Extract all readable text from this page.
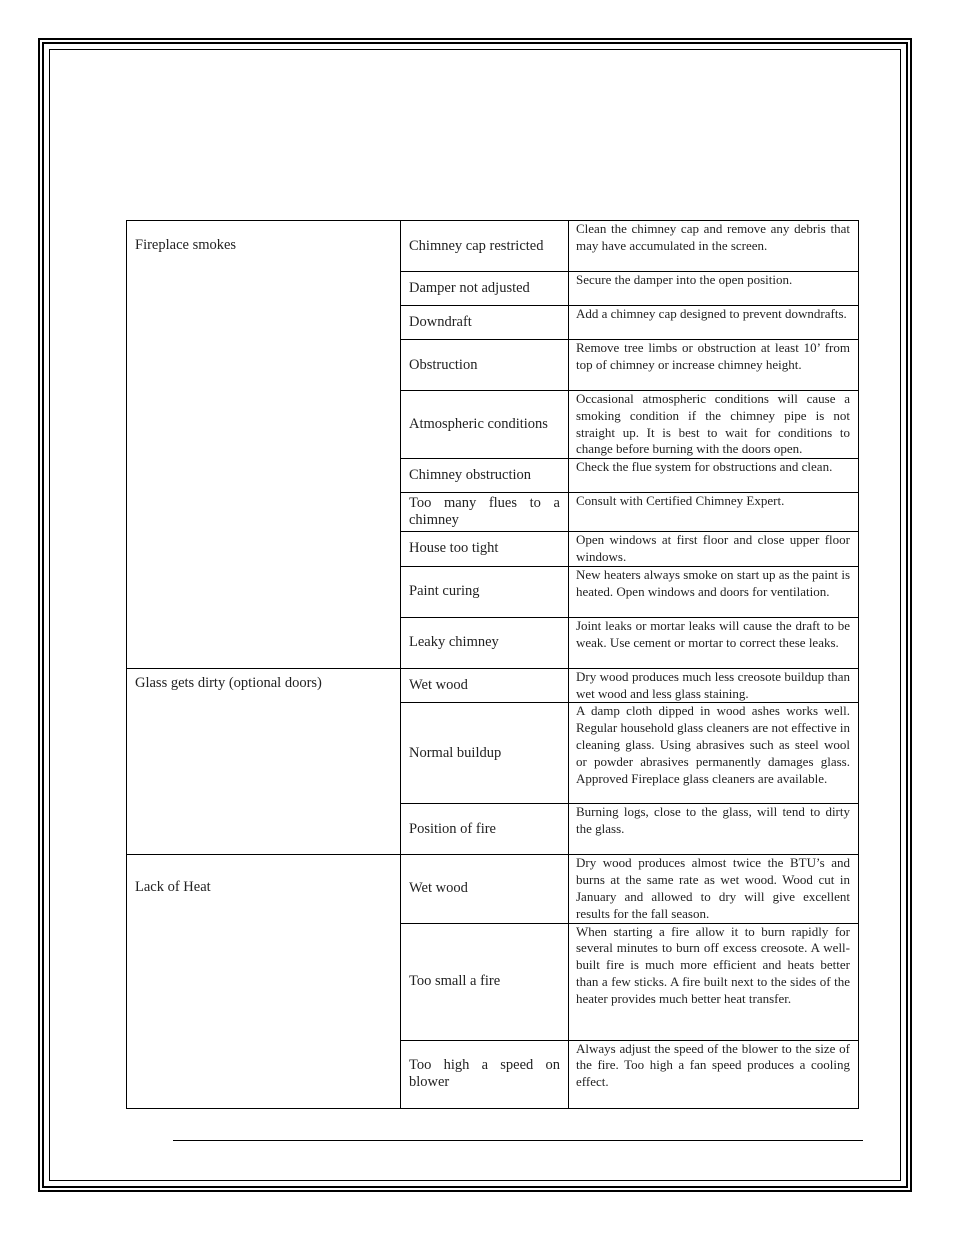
Fireplace smokes	Chimney cap restricted	Clean the chimney cap and remove any debris that may have accumulated in the screen.

	Damper not adjusted	Secure the damper into the open position.

	Downdraft	Add a chimney cap designed to prevent downdrafts.

	Obstruction	Remove tree limbs or obstruction at least 10’ from top of chimney or increase chimney height.

	Atmospheric conditions	Occasional atmospheric conditions will cause a smoking condition if the chimney pipe is not straight up. It is best to wait for conditions to change before burning with the doors open.

	Chimney obstruction	Check the flue system for obstructions and clean.

	Too many flues to a chimney	Consult with Certified Chimney Expert.

	House too tight	Open windows at first floor and close upper floor windows.

	Paint curing	New heaters always smoke on start up as the paint is heated. Open windows and doors for ventilation.

	Leaky chimney	Joint leaks or mortar leaks will cause the draft to be weak. Use cement or mortar to correct these leaks.

Glass gets dirty (optional doors)	Wet wood	Dry wood produces much less creosote buildup than wet wood and less glass staining.

	Normal buildup	A damp cloth dipped in wood ashes works well. Regular household glass cleaners are not effective in cleaning glass. Using abrasives such as steel wool or powder abrasives permanently damages glass. Approved Fireplace glass cleaners are available.

	Position of fire	Burning logs, close to the glass, will tend to dirty the glass.

Lack of Heat	Wet wood	Dry wood produces almost twice the BTU’s and burns at the same rate as wet wood. Wood cut in January and allowed to dry will give excellent results for the fall season.

	Too small a fire	When starting a fire allow it to burn rapidly for several minutes to burn off excess creosote. A well-built fire is much more efficient and heats better than a few sticks. A fire built next to the sides of the heater provides much better heat transfer.

	Too high a speed on blower	Always adjust the speed of the blower to the size of the fire. Too high a fan speed produces a cooling effect.
